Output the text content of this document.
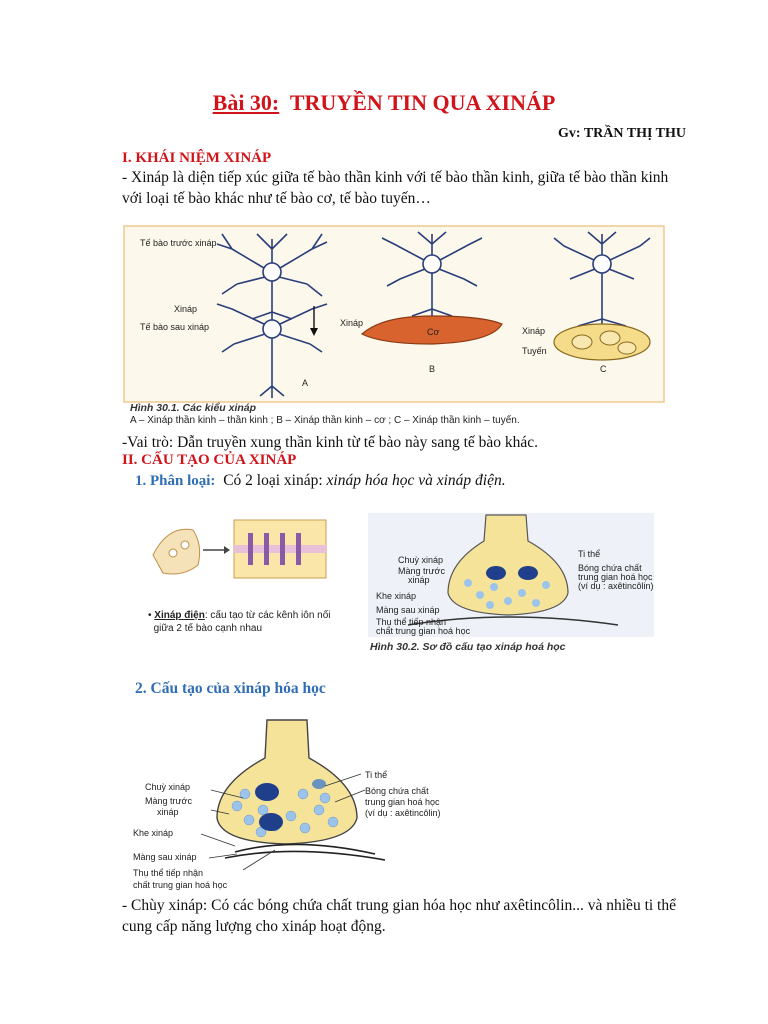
Bài 30: TRUYỀN TIN QUA XINÁP
Gv: TRẦN THỊ THU
I. KHÁI NIỆM XINÁP
- Xináp là diện tiếp xúc giữa tế bào thần kinh với tế bào thần kinh, giữa tế bào thần kinh với loại tế bào khác như tế bào cơ, tế bào tuyến…
Tế bào trước xináp
Xináp
Tế bào sau xináp
A
Cơ
Xináp
B
Xináp
Tuyến
C
Hình 30.1. Các kiểu xináp
A – Xináp thần kinh – thần kinh ; B – Xináp thần kinh – cơ ; C – Xináp thần kinh – tuyến.
-Vai trò: Dẫn truyền xung thần kinh từ tế bào này sang tế bào khác.
II. CẤU TẠO CỦA XINÁP
1. Phân loại: Có 2 loại xináp: xináp hóa học và xináp điện.
• Xináp điện: cấu tạo từ các kênh iôn nối
giữa 2 tế bào cạnh nhau
Chuỳ xináp
Màng trước
xináp
Khe xináp
Màng sau xináp
Thụ thể tiếp nhận
chất trung gian hoá học
Ti thể
Bóng chứa chất
trung gian hoá học
(ví dụ : axêtincôlin)
Hình 30.2. Sơ đồ cấu tạo xináp hoá học
2. Cấu tạo của xináp hóa học
Chuỳ xináp
Màng trước
xináp
Khe xináp
Màng sau xináp
Thụ thể tiếp nhận
chất trung gian hoá học
Ti thể
Bóng chứa chất
trung gian hoá học
(ví dụ : axêtincôlin)
- Chùy xináp: Có các bóng chứa chất trung gian hóa học như axêtincôlin... và nhiều ti thể cung cấp năng lượng cho xináp hoạt động.
